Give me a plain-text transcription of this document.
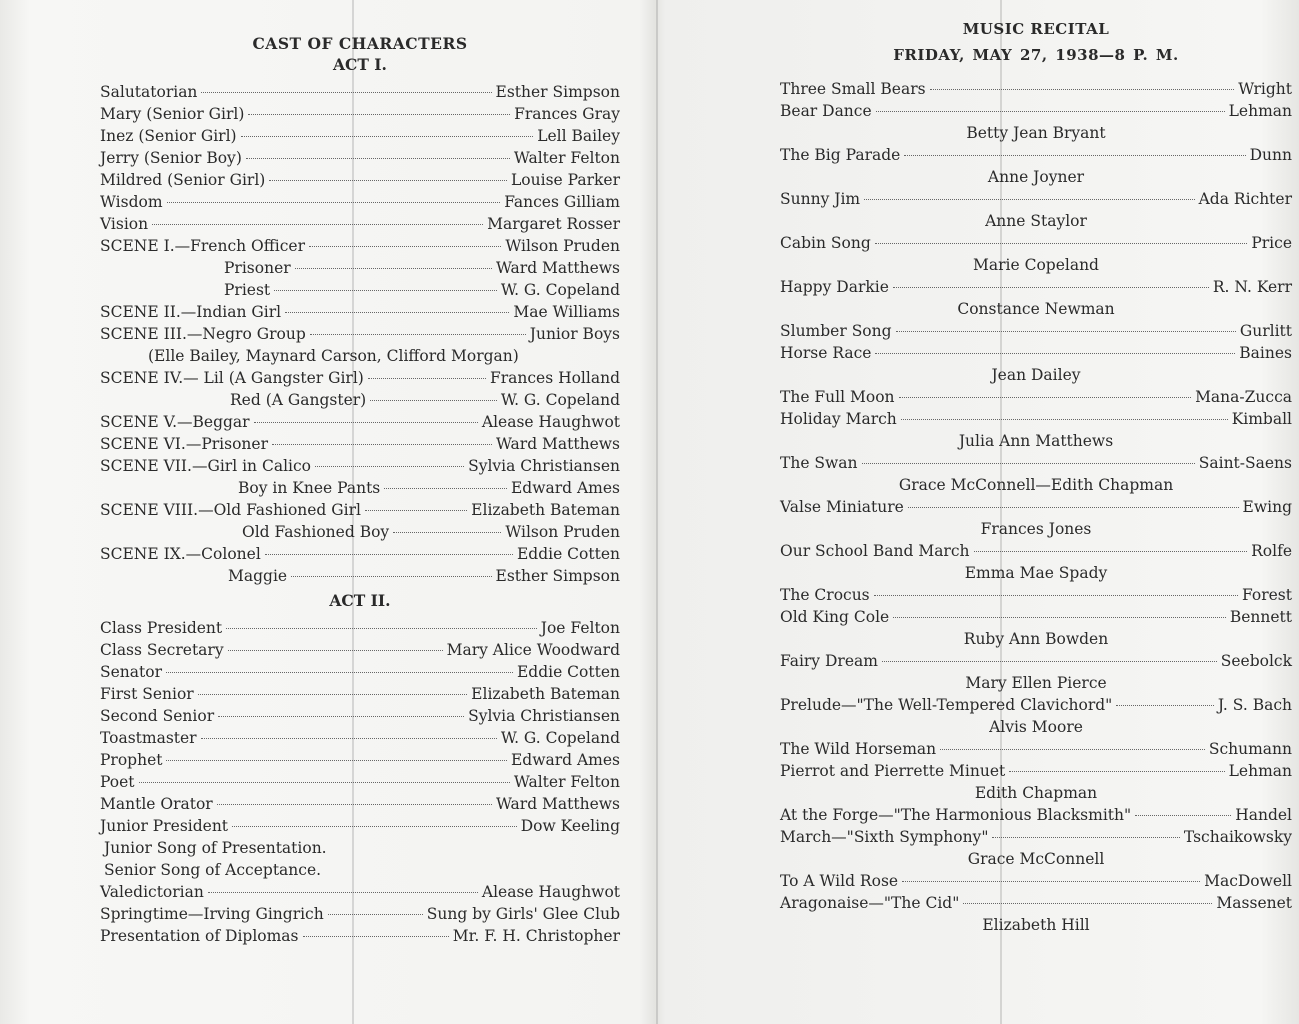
CAST OF CHARACTERS
ACT I.
Salutatorian	Esther Simpson
Mary (Senior Girl)	Frances Gray
Inez (Senior Girl)	Lell Bailey
Jerry (Senior Boy)	Walter Felton
Mildred (Senior Girl)	Louise Parker
Wisdom	Fances Gilliam
Vision	Margaret Rosser
SCENE I.—French Officer	Wilson Pruden
Prisoner	Ward Matthews
Priest	W. G. Copeland
SCENE II.—Indian Girl	Mae Williams
SCENE III.—Negro Group	Junior Boys
(Elle Bailey, Maynard Carson, Clifford Morgan)
SCENE IV.— Lil (A Gangster Girl)	Frances Holland
Red (A Gangster)	W. G. Copeland
SCENE V.—Beggar	Alease Haughwot
SCENE VI.—Prisoner	Ward Matthews
SCENE VII.—Girl in Calico	Sylvia Christiansen
Boy in Knee Pants	Edward Ames
SCENE VIII.—Old Fashioned Girl	Elizabeth Bateman
Old Fashioned Boy	Wilson Pruden
SCENE IX.—Colonel	Eddie Cotten
Maggie	Esther Simpson
ACT II.
Class President	Joe Felton
Class Secretary	Mary Alice Woodward
Senator	Eddie Cotten
First Senior	Elizabeth Bateman
Second Senior	Sylvia Christiansen
Toastmaster	W. G. Copeland
Prophet	Edward Ames
Poet	Walter Felton
Mantle Orator	Ward Matthews
Junior President	Dow Keeling
Junior Song of Presentation.
Senior Song of Acceptance.
Valedictorian	Alease Haughwot
Springtime—Irving Gingrich	Sung by Girls' Glee Club
Presentation of Diplomas	Mr. F. H. Christopher
MUSIC RECITAL
FRIDAY, MAY 27, 1938—8 P. M.
Three Small Bears	Wright
Bear Dance	Lehman
Betty Jean Bryant
The Big Parade	Dunn
Anne Joyner
Sunny Jim	Ada Richter
Anne Staylor
Cabin Song	Price
Marie Copeland
Happy Darkie	R. N. Kerr
Constance Newman
Slumber Song	Gurlitt
Horse Race	Baines
Jean Dailey
The Full Moon	Mana-Zucca
Holiday March	Kimball
Julia Ann Matthews
The Swan	Saint-Saens
Grace McConnell—Edith Chapman
Valse Miniature	Ewing
Frances Jones
Our School Band March	Rolfe
Emma Mae Spady
The Crocus	Forest
Old King Cole	Bennett
Ruby Ann Bowden
Fairy Dream	Seebolck
Mary Ellen Pierce
Prelude—"The Well-Tempered Clavichord"	J. S. Bach
Alvis Moore
The Wild Horseman	Schumann
Pierrot and Pierrette Minuet	Lehman
Edith Chapman
At the Forge—"The Harmonious Blacksmith"	Handel
March—"Sixth Symphony"	Tschaikowsky
Grace McConnell
To A Wild Rose	MacDowell
Aragonaise—"The Cid"	Massenet
Elizabeth Hill
